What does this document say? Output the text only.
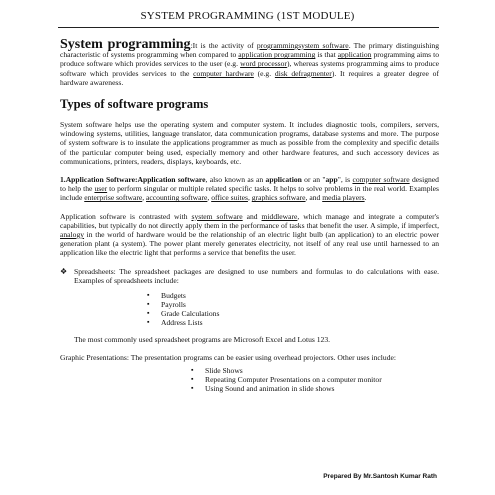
SYSTEM PROGRAMMING (1ST MODULE)

System programming:It is the activity of programmingsystem software. The primary distinguishing characteristic of systems programming when compared to application programming is that application programming aims to produce software which provides services to the user (e.g. word processor), whereas systems programming aims to produce software which provides services to the computer hardware (e.g. disk defragmenter). It requires a greater degree of hardware awareness.

Types of software programs

System software helps use the operating system and computer system. It includes diagnostic tools, compilers, servers, windowing systems, utilities, language translator, data communication programs, database systems and more. The purpose of system software is to insulate the applications programmer as much as possible from the complexity and specific details of the particular computer being used, especially memory and other hardware features, and such accessory devices as communications, printers, readers, displays, keyboards, etc.

1.Application Software:Application software, also known as an application or an "app", is computer software designed to help the user to perform singular or multiple related specific tasks. It helps to solve problems in the real world. Examples include enterprise software, accounting software, office suites, graphics software, and media players.

Application software is contrasted with system software and middleware, which manage and integrate a computer's capabilities, but typically do not directly apply them in the performance of tasks that benefit the user. A simple, if imperfect, analogy in the world of hardware would be the relationship of an electric light bulb (an application) to an electric power generation plant (a system). The power plant merely generates electricity, not itself of any real use until harnessed to an application like the electric light that performs a service that benefits the user.

❖ Spreadsheets: The spreadsheet packages are designed to use numbers and formulas to do calculations with ease. Examples of spreadsheets include:

▪	Budgets
▪	Payrolls
▪	Grade Calculations
▪	Address Lists

The most commonly used spreadsheet programs are Microsoft Excel and Lotus 123.

Graphic Presentations: The presentation programs can be easier using overhead projectors. Other uses include:

▪	Slide Shows
▪	Repeating Computer Presentations on a computer monitor
▪	Using Sound and animation in slide shows
Prepared By Mr.Santosh Kumar Rath
